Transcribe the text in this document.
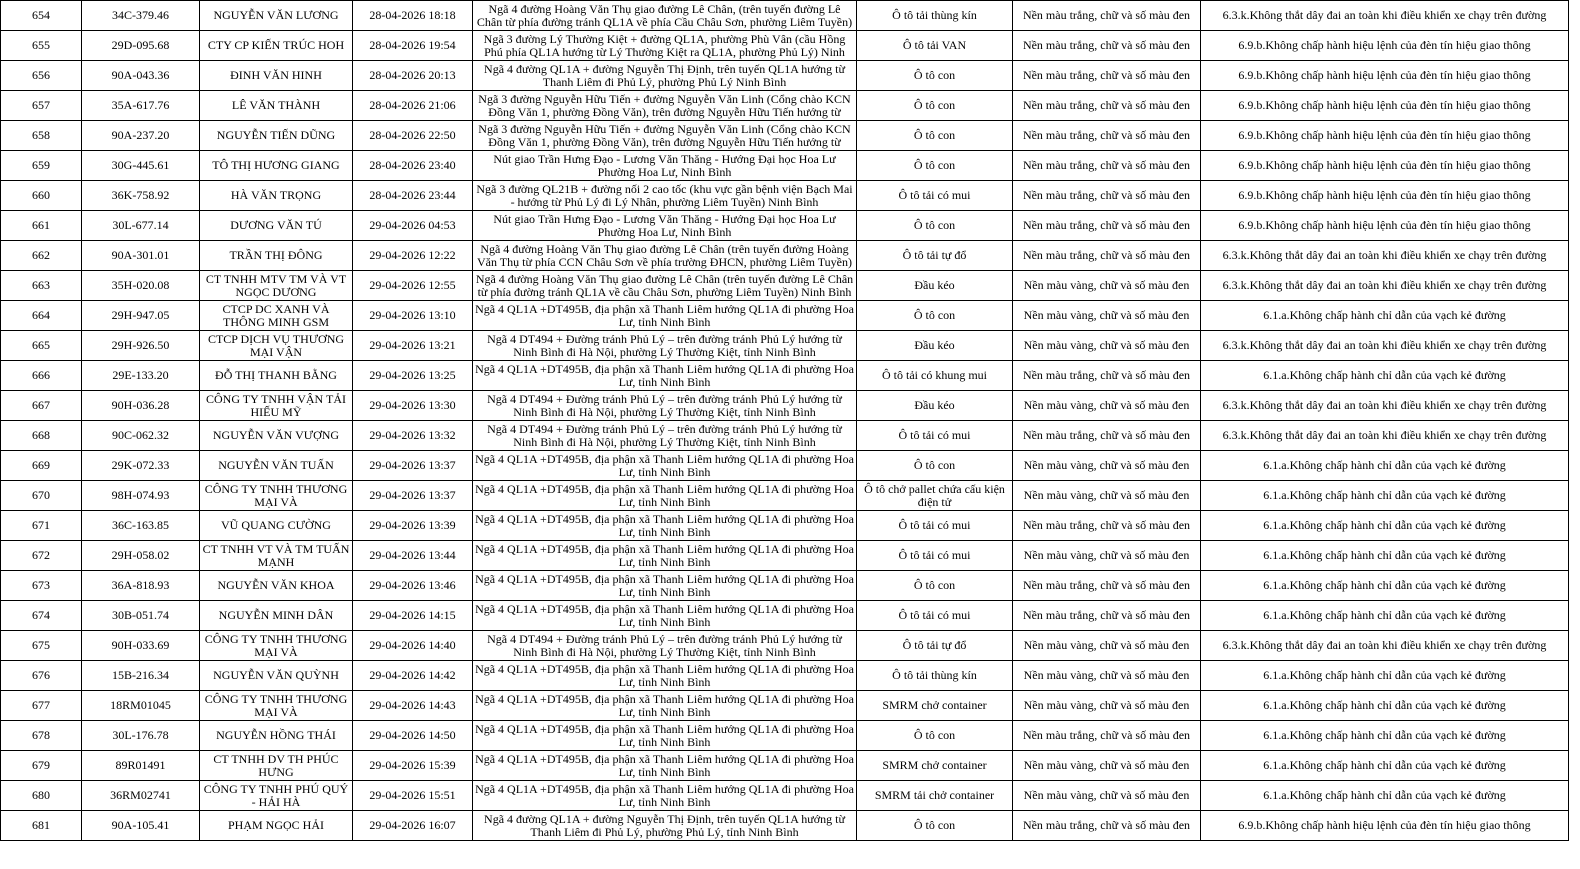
654	34C-379.46	NGUYỄN VĂN LƯƠNG	28-04-2026 18:18	Ngã 4 đường Hoàng Văn Thụ giao đường Lê Chân, (trên tuyến đường Lê Chân từ phía đường tránh QL1A về phía Cầu Châu Sơn, phường Liêm Tuyền)	Ô tô tải thùng kín	Nền màu trắng, chữ và số màu đen	6.3.k.Không thắt dây đai an toàn khi điều khiển xe chạy trên đường
655	29D-095.68	CTY CP KIẾN TRÚC HOH	28-04-2026 19:54	Ngã 3 đường Lý Thường Kiệt + đường QL1A, phường Phù Vân (cầu Hồng Phú phía QL1A hướng từ Lý Thường Kiệt ra QL1A, phường Phủ Lý) Ninh	Ô tô tải VAN	Nền màu trắng, chữ và số màu đen	6.9.b.Không chấp hành hiệu lệnh của đèn tín hiệu giao thông
656	90A-043.36	ĐINH VĂN HINH	28-04-2026 20:13	Ngã 4 đường QL1A + đường Nguyễn Thị Định, trên tuyến QL1A hướng từ Thanh Liêm đi Phủ Lý, phường Phủ Lý Ninh Bình	Ô tô con	Nền màu trắng, chữ và số màu đen	6.9.b.Không chấp hành hiệu lệnh của đèn tín hiệu giao thông
657	35A-617.76	LÊ VĂN THÀNH	28-04-2026 21:06	Ngã 3 đường Nguyễn Hữu Tiến + đường Nguyễn Văn Linh (Cổng chào KCN Đồng Văn 1, phường Đồng Văn), trên đường Nguyễn Hữu Tiến hướng từ	Ô tô con	Nền màu trắng, chữ và số màu đen	6.9.b.Không chấp hành hiệu lệnh của đèn tín hiệu giao thông
658	90A-237.20	NGUYỄN TIẾN DŨNG	28-04-2026 22:50	Ngã 3 đường Nguyễn Hữu Tiến + đường Nguyễn Văn Linh (Cổng chào KCN Đồng Văn 1, phường Đồng Văn), trên đường Nguyễn Hữu Tiến hướng từ	Ô tô con	Nền màu trắng, chữ và số màu đen	6.9.b.Không chấp hành hiệu lệnh của đèn tín hiệu giao thông
659	30G-445.61	TÔ THỊ HƯƠNG GIANG	28-04-2026 23:40	Nút giao Trần Hưng Đạo - Lương Văn Thăng - Hướng Đại học Hoa Lư Phường Hoa Lư, Ninh Bình	Ô tô con	Nền màu trắng, chữ và số màu đen	6.9.b.Không chấp hành hiệu lệnh của đèn tín hiệu giao thông
660	36K-758.92	HÀ VĂN TRỌNG	28-04-2026 23:44	Ngã 3 đường QL21B + đường nối 2 cao tốc (khu vực gần bệnh viện Bạch Mai - hướng từ Phủ Lý đi Lý Nhân, phường Liêm Tuyền) Ninh Bình	Ô tô tải có mui	Nền màu trắng, chữ và số màu đen	6.9.b.Không chấp hành hiệu lệnh của đèn tín hiệu giao thông
661	30L-677.14	DƯƠNG VĂN TÚ	29-04-2026 04:53	Nút giao Trần Hưng Đạo - Lương Văn Thăng - Hướng Đại học Hoa Lư Phường Hoa Lư, Ninh Bình	Ô tô con	Nền màu trắng, chữ và số màu đen	6.9.b.Không chấp hành hiệu lệnh của đèn tín hiệu giao thông
662	90A-301.01	TRẦN THỊ ĐÔNG	29-04-2026 12:22	Ngã 4 đường Hoàng Văn Thụ giao đường Lê Chân (trên tuyến đường Hoàng Văn Thụ từ phía CCN Châu Sơn về phía trường ĐHCN, phường Liêm Tuyền)	Ô tô tải tự đổ	Nền màu trắng, chữ và số màu đen	6.3.k.Không thắt dây đai an toàn khi điều khiển xe chạy trên đường
663	35H-020.08	CT TNHH MTV TM VÀ VT NGỌC DƯƠNG	29-04-2026 12:55	Ngã 4 đường Hoàng Văn Thụ giao đường Lê Chân (trên tuyến đường Lê Chân từ phía đường tránh QL1A về cầu Châu Sơn, phường Liêm Tuyền) Ninh Bình	Đầu kéo	Nền màu vàng, chữ và số màu đen	6.3.k.Không thắt dây đai an toàn khi điều khiển xe chạy trên đường
664	29H-947.05	CTCP DC XANH VÀ THÔNG MINH GSM	29-04-2026 13:10	Ngã 4 QL1A +DT495B, địa phận xã Thanh Liêm hướng QL1A đi phường Hoa Lư, tỉnh Ninh Bình	Ô tô con	Nền màu vàng, chữ và số màu đen	6.1.a.Không chấp hành chỉ dẫn của vạch kẻ đường
665	29H-926.50	CTCP DỊCH VỤ THƯƠNG MẠI VẬN	29-04-2026 13:21	Ngã 4 DT494 + Đường tránh Phủ Lý – trên đường tránh Phủ Lý hướng từ Ninh Bình đi Hà Nội, phường Lý Thường Kiệt, tỉnh Ninh Bình	Đầu kéo	Nền màu vàng, chữ và số màu đen	6.3.k.Không thắt dây đai an toàn khi điều khiển xe chạy trên đường
666	29E-133.20	ĐỖ THỊ THANH BẰNG	29-04-2026 13:25	Ngã 4 QL1A +DT495B, địa phận xã Thanh Liêm hướng QL1A đi phường Hoa Lư, tỉnh Ninh Bình	Ô tô tải có khung mui	Nền màu trắng, chữ và số màu đen	6.1.a.Không chấp hành chỉ dẫn của vạch kẻ đường
667	90H-036.28	CÔNG TY TNHH VẬN TẢI HIẾU MỸ	29-04-2026 13:30	Ngã 4 DT494 + Đường tránh Phủ Lý – trên đường tránh Phủ Lý hướng từ Ninh Bình đi Hà Nội, phường Lý Thường Kiệt, tỉnh Ninh Bình	Đầu kéo	Nền màu vàng, chữ và số màu đen	6.3.k.Không thắt dây đai an toàn khi điều khiển xe chạy trên đường
668	90C-062.32	NGUYỄN VĂN VƯỢNG	29-04-2026 13:32	Ngã 4 DT494 + Đường tránh Phủ Lý – trên đường tránh Phủ Lý hướng từ Ninh Bình đi Hà Nội, phường Lý Thường Kiệt, tỉnh Ninh Bình	Ô tô tải có mui	Nền màu trắng, chữ và số màu đen	6.3.k.Không thắt dây đai an toàn khi điều khiển xe chạy trên đường
669	29K-072.33	NGUYỄN VĂN TUẤN	29-04-2026 13:37	Ngã 4 QL1A +DT495B, địa phận xã Thanh Liêm hướng QL1A đi phường Hoa Lư, tỉnh Ninh Bình	Ô tô con	Nền màu vàng, chữ và số màu đen	6.1.a.Không chấp hành chỉ dẫn của vạch kẻ đường
670	98H-074.93	CÔNG TY TNHH THƯƠNG MẠI VÀ	29-04-2026 13:37	Ngã 4 QL1A +DT495B, địa phận xã Thanh Liêm hướng QL1A đi phường Hoa Lư, tỉnh Ninh Bình	Ô tô chở pallet chứa cấu kiện điện tử	Nền màu vàng, chữ và số màu đen	6.1.a.Không chấp hành chỉ dẫn của vạch kẻ đường
671	36C-163.85	VŨ QUANG CƯỜNG	29-04-2026 13:39	Ngã 4 QL1A +DT495B, địa phận xã Thanh Liêm hướng QL1A đi phường Hoa Lư, tỉnh Ninh Bình	Ô tô tải có mui	Nền màu trắng, chữ và số màu đen	6.1.a.Không chấp hành chỉ dẫn của vạch kẻ đường
672	29H-058.02	CT TNHH VT VÀ TM TUẤN MẠNH	29-04-2026 13:44	Ngã 4 QL1A +DT495B, địa phận xã Thanh Liêm hướng QL1A đi phường Hoa Lư, tỉnh Ninh Bình	Ô tô tải có mui	Nền màu vàng, chữ và số màu đen	6.1.a.Không chấp hành chỉ dẫn của vạch kẻ đường
673	36A-818.93	NGUYỄN VĂN KHOA	29-04-2026 13:46	Ngã 4 QL1A +DT495B, địa phận xã Thanh Liêm hướng QL1A đi phường Hoa Lư, tỉnh Ninh Bình	Ô tô con	Nền màu trắng, chữ và số màu đen	6.1.a.Không chấp hành chỉ dẫn của vạch kẻ đường
674	30B-051.74	NGUYỄN MINH DÂN	29-04-2026 14:15	Ngã 4 QL1A +DT495B, địa phận xã Thanh Liêm hướng QL1A đi phường Hoa Lư, tỉnh Ninh Bình	Ô tô tải có mui	Nền màu trắng, chữ và số màu đen	6.1.a.Không chấp hành chỉ dẫn của vạch kẻ đường
675	90H-033.69	CÔNG TY TNHH THƯƠNG MẠI VÀ	29-04-2026 14:40	Ngã 4 DT494 + Đường tránh Phủ Lý – trên đường tránh Phủ Lý hướng từ Ninh Bình đi Hà Nội, phường Lý Thường Kiệt, tỉnh Ninh Bình	Ô tô tải tự đổ	Nền màu vàng, chữ và số màu đen	6.3.k.Không thắt dây đai an toàn khi điều khiển xe chạy trên đường
676	15B-216.34	NGUYỄN VĂN QUỲNH	29-04-2026 14:42	Ngã 4 QL1A +DT495B, địa phận xã Thanh Liêm hướng QL1A đi phường Hoa Lư, tỉnh Ninh Bình	Ô tô tải thùng kín	Nền màu vàng, chữ và số màu đen	6.1.a.Không chấp hành chỉ dẫn của vạch kẻ đường
677	18RM01045	CÔNG TY TNHH THƯƠNG MẠI VÀ	29-04-2026 14:43	Ngã 4 QL1A +DT495B, địa phận xã Thanh Liêm hướng QL1A đi phường Hoa Lư, tỉnh Ninh Bình	SMRM chở container	Nền màu vàng, chữ và số màu đen	6.1.a.Không chấp hành chỉ dẫn của vạch kẻ đường
678	30L-176.78	NGUYỄN HỒNG THÁI	29-04-2026 14:50	Ngã 4 QL1A +DT495B, địa phận xã Thanh Liêm hướng QL1A đi phường Hoa Lư, tỉnh Ninh Bình	Ô tô con	Nền màu trắng, chữ và số màu đen	6.1.a.Không chấp hành chỉ dẫn của vạch kẻ đường
679	89R01491	CT TNHH DV TH PHÚC HƯNG	29-04-2026 15:39	Ngã 4 QL1A +DT495B, địa phận xã Thanh Liêm hướng QL1A đi phường Hoa Lư, tỉnh Ninh Bình	SMRM chở container	Nền màu vàng, chữ và số màu đen	6.1.a.Không chấp hành chỉ dẫn của vạch kẻ đường
680	36RM02741	CÔNG TY TNHH PHÚ QUÝ - HẢI HÀ	29-04-2026 15:51	Ngã 4 QL1A +DT495B, địa phận xã Thanh Liêm hướng QL1A đi phường Hoa Lư, tỉnh Ninh Bình	SMRM tải chở container	Nền màu vàng, chữ và số màu đen	6.1.a.Không chấp hành chỉ dẫn của vạch kẻ đường
681	90A-105.41	PHẠM NGỌC HẢI	29-04-2026 16:07	Ngã 4 đường QL1A + đường Nguyễn Thị Định, trên tuyến QL1A hướng từ Thanh Liêm đi Phủ Lý, phường Phủ Lý, tỉnh Ninh Bình	Ô tô con	Nền màu trắng, chữ và số màu đen	6.9.b.Không chấp hành hiệu lệnh của đèn tín hiệu giao thông
